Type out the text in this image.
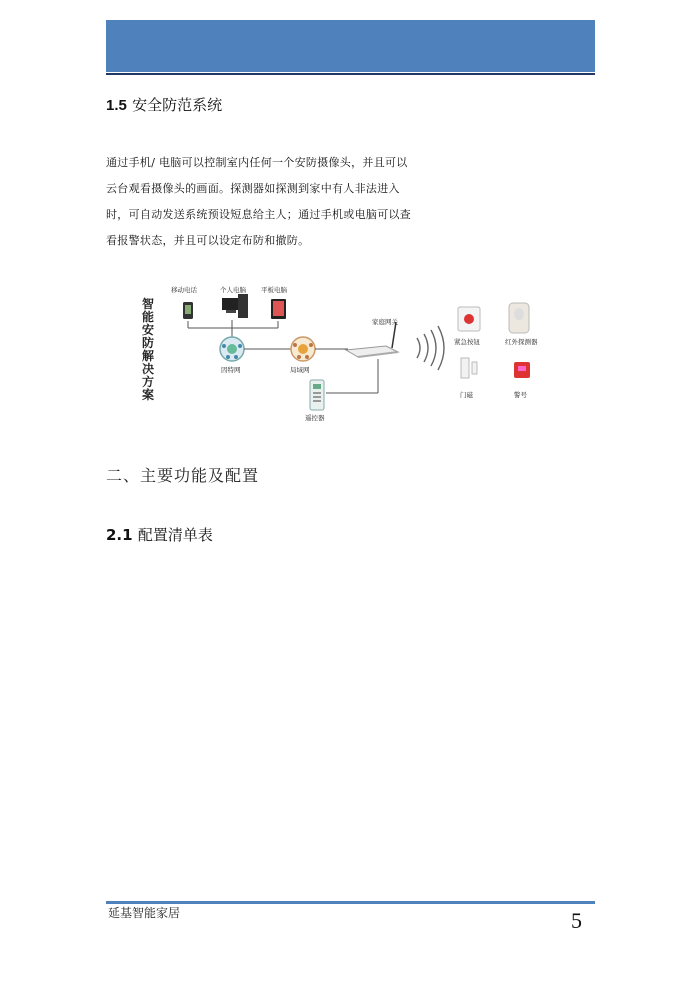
1.5 安全防范系统
通过手机/ 电脑可以控制室内任何一个安防摄像头，并且可以
云台观看摄像头的画面。探测器如探测到家中有人非法进入
时，可自动发送系统预设短息给主人；通过手机或电脑可以查
看报警状态，并且可以设定布防和撤防。
智能安防解决方案
移动电话	个人电脑 平板电脑
因特网	局域网
家庭网关
遥控器
紧急按钮	红外探测器
门磁	警号
二、主要功能及配置
2.1 配置清单表
延基智能家居	5
